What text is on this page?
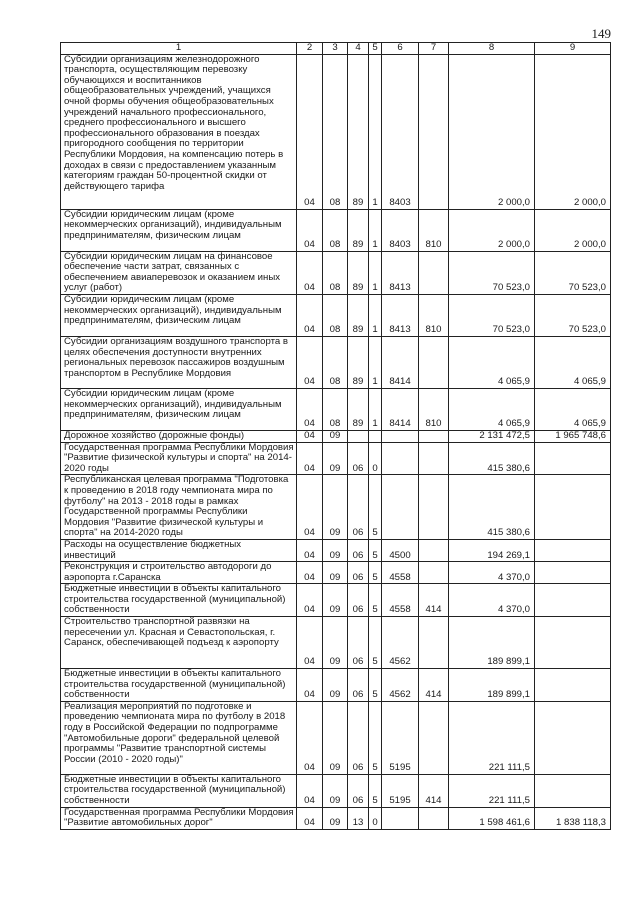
149
1	2	3	4	5	6	7	8	9
Субсидии организациям железнодорожного транспорта, осуществляющим перевозку обучающихся и воспитанников общеобразовательных учреждений, учащихся очной формы обучения общеобразовательных учреждений начального профессионального, среднего профессионального и высшего профессионального образования в поездах пригородного сообщения по территории Республики Мордовия, на компенсацию потерь в доходах в связи с предоставлением указанным категориям граждан 50-процентной скидки от действующего тарифа	04	08	89	1	8403		2 000,0	2 000,0
Субсидии юридическим лицам (кроме некоммерческих организаций), индивидуальным предпринимателям, физическим лицам	04	08	89	1	8403	810	2 000,0	2 000,0
Субсидии юридическим лицам на финансовое обеспечение части затрат, связанных с обеспечением авиаперевозок и оказанием иных услуг (работ)	04	08	89	1	8413		70 523,0	70 523,0
Субсидии юридическим лицам (кроме некоммерческих организаций), индивидуальным предпринимателям, физическим лицам	04	08	89	1	8413	810	70 523,0	70 523,0
Субсидии организациям воздушного транспорта в целях обеспечения доступности внутренних региональных перевозок пассажиров воздушным транспортом в Республике Мордовия	04	08	89	1	8414		4 065,9	4 065,9
Субсидии юридическим лицам (кроме некоммерческих организаций), индивидуальным предпринимателям, физическим лицам	04	08	89	1	8414	810	4 065,9	4 065,9
Дорожное хозяйство (дорожные фонды)	04	09					2 131 472,5	1 965 748,6
Государственная программа Республики Мордовия "Развитие физической культуры и спорта" на 2014-2020 годы	04	09	06	0			415 380,6	
Республиканская целевая программа "Подготовка к проведению в 2018 году чемпионата мира по футболу" на 2013 - 2018 годы в рамках Государственной программы Республики Мордовия "Развитие физической культуры и спорта" на 2014-2020 годы	04	09	06	5			415 380,6	
Расходы на осуществление бюджетных инвестиций	04	09	06	5	4500		194 269,1	
Реконструкция и строительство автодороги до аэропорта г.Саранска	04	09	06	5	4558		4 370,0	
Бюджетные инвестиции в объекты капитального строительства государственной (муниципальной) собственности	04	09	06	5	4558	414	4 370,0	
Строительство транспортной развязки на пересечении ул. Красная и Севастопольская, г. Саранск, обеспечивающей подъезд к аэропорту	04	09	06	5	4562		189 899,1	
Бюджетные инвестиции в объекты капитального строительства государственной (муниципальной) собственности	04	09	06	5	4562	414	189 899,1	
Реализация мероприятий по подготовке и проведению чемпионата мира по футболу в 2018 году в Российской Федерации по подпрограмме "Автомобильные дороги" федеральной целевой программы "Развитие транспортной системы России (2010 - 2020 годы)"	04	09	06	5	5195		221 111,5	
Бюджетные инвестиции в объекты капитального строительства государственной (муниципальной) собственности	04	09	06	5	5195	414	221 111,5	
Государственная программа Республики Мордовия "Развитие автомобильных дорог"	04	09	13	0			1 598 461,6	1 838 118,3
